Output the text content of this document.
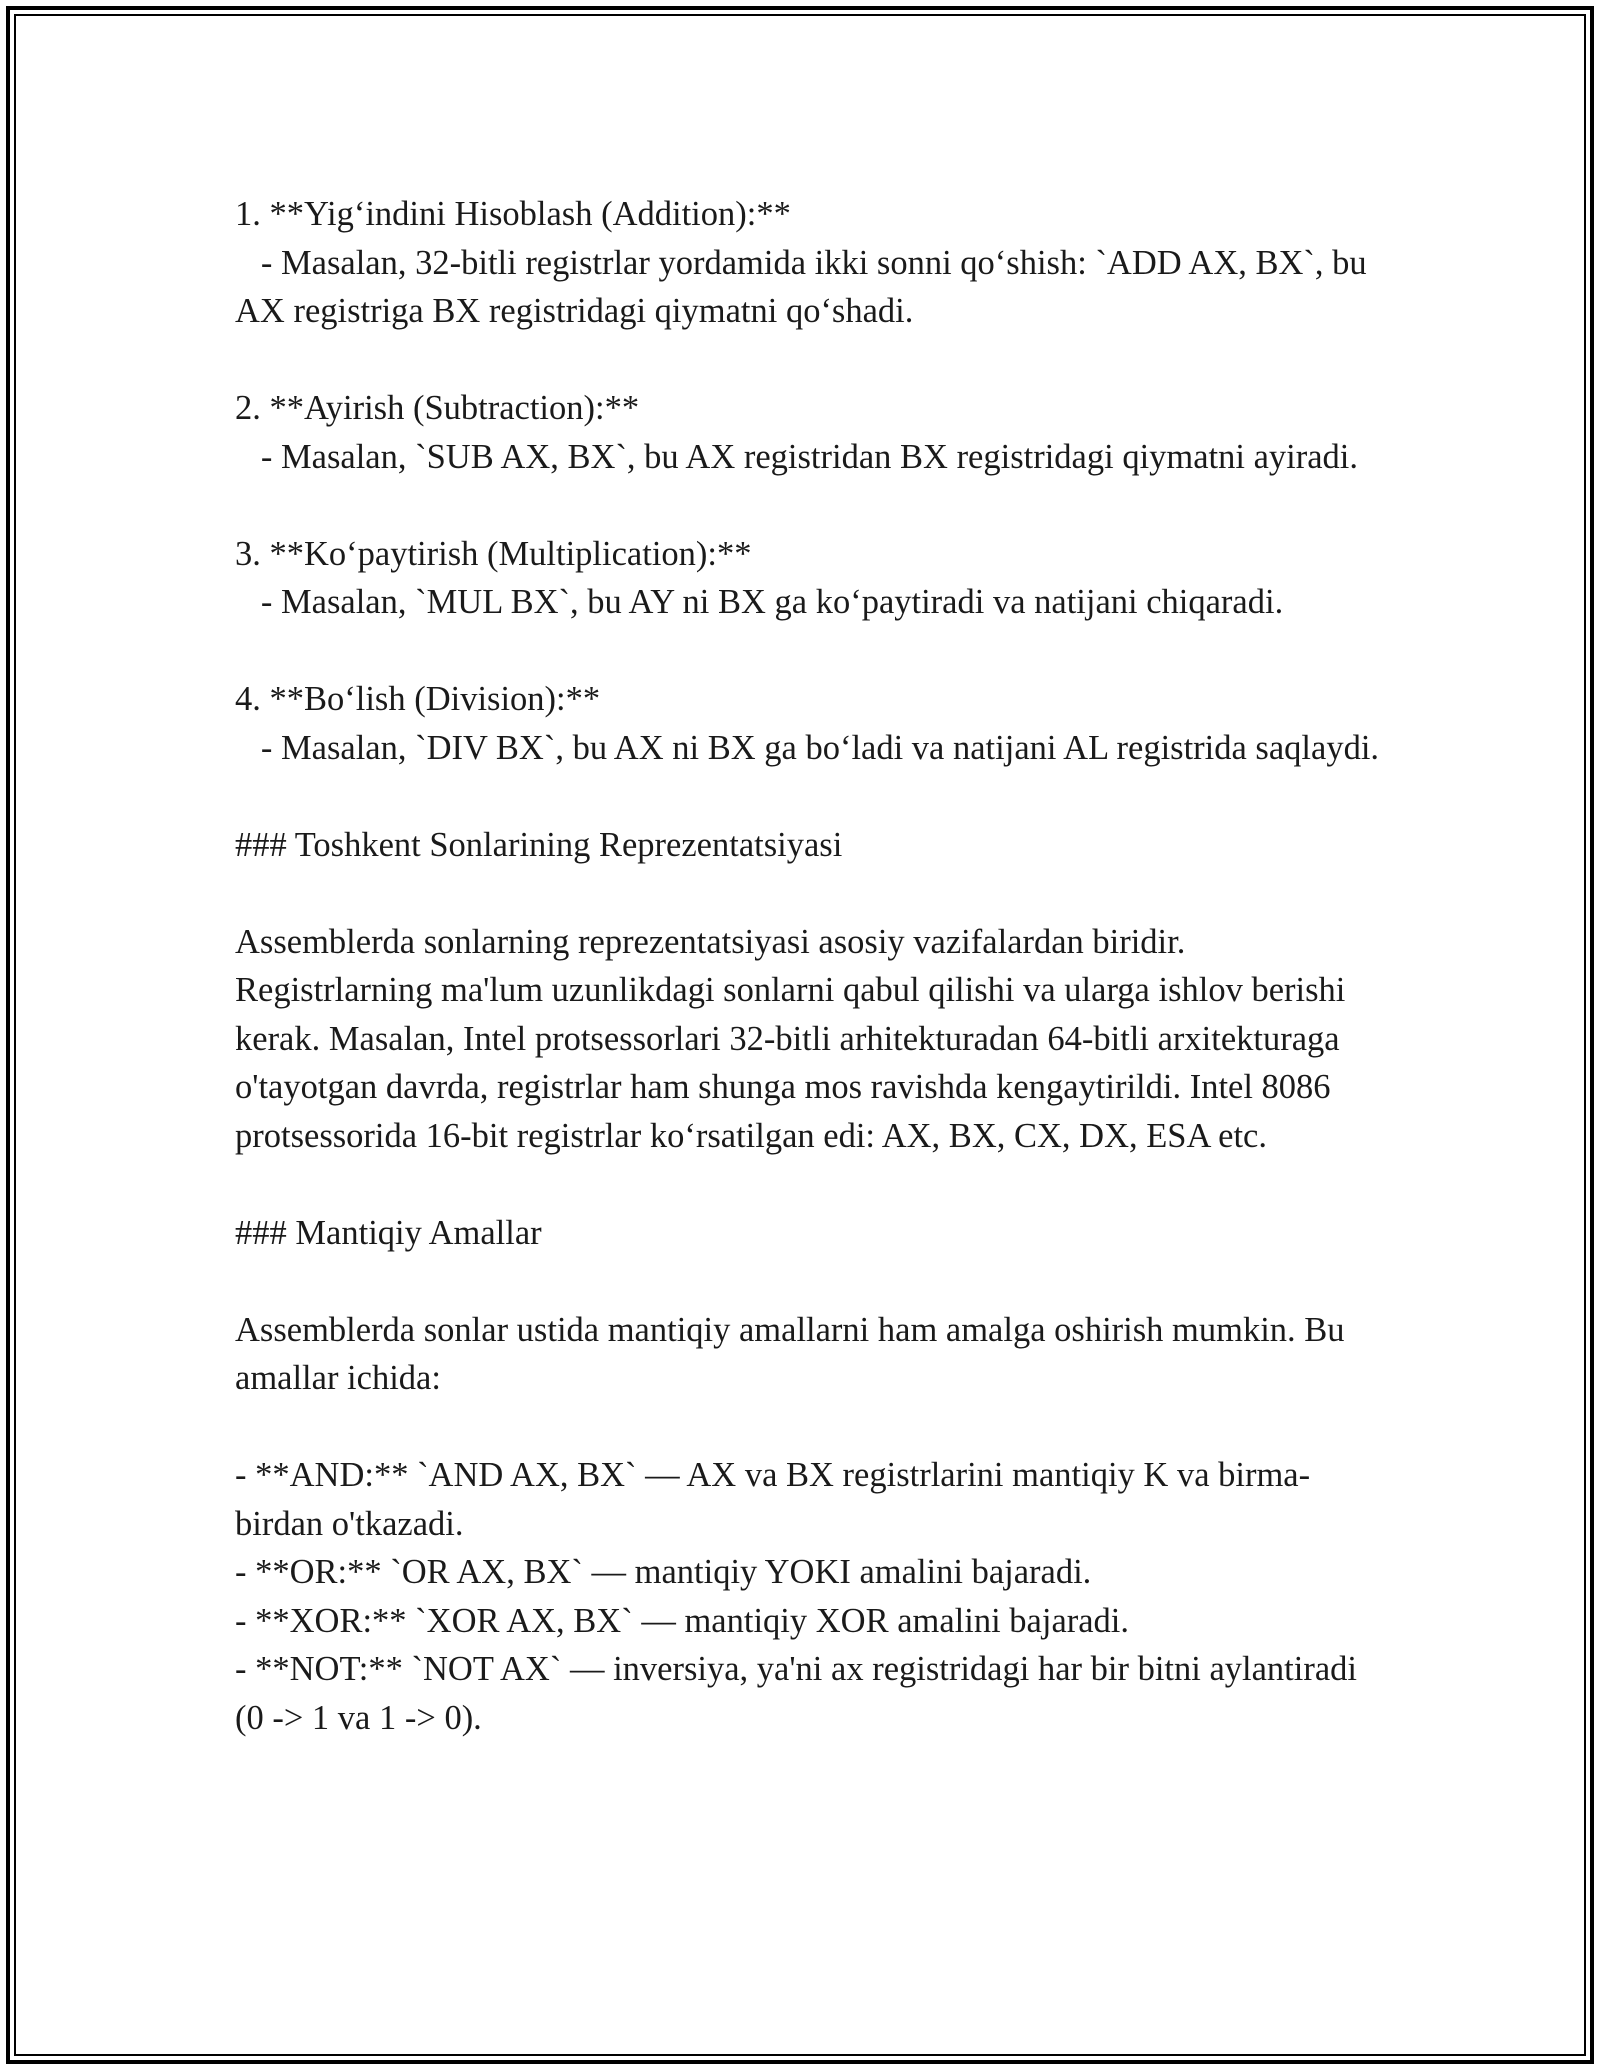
1. **Yig‘indini Hisoblash (Addition):**

- Masalan, 32-bitli registrlar yordamida ikki sonni qo‘shish: `ADD AX, BX`, bu AX registriga BX registridagi qiymatni qo‘shadi.

2. **Ayirish (Subtraction):**

- Masalan, `SUB AX, BX`, bu AX registridan BX registridagi qiymatni ayiradi.

3. **Ko‘paytirish (Multiplication):**

- Masalan, `MUL BX`, bu AY ni BX ga ko‘paytiradi va natijani chiqaradi.

4. **Bo‘lish (Division):**

- Masalan, `DIV BX`, bu AX ni BX ga bo‘ladi va natijani AL registrida saqlaydi.

### Toshkent Sonlarining Reprezentatsiyasi

Assemblerda sonlarning reprezentatsiyasi asosiy vazifalardan biridir. Registrlarning ma'lum uzunlikdagi sonlarni qabul qilishi va ularga ishlov berishi kerak. Masalan, Intel protsessorlari 32-bitli arhitekturadan 64-bitli arxitekturaga o'tayotgan davrda, registrlar ham shunga mos ravishda kengaytirildi. Intel 8086 protsessorida 16-bit registrlar ko‘rsatilgan edi: AX, BX, CX, DX, ESA etc.

### Mantiqiy Amallar

Assemblerda sonlar ustida mantiqiy amallarni ham amalga oshirish mumkin. Bu amallar ichida:

- **AND:** `AND AX, BX` — AX va BX registrlarini mantiqiy K va birma-birdan o'tkazadi.

- **OR:** `OR AX, BX` — mantiqiy YOKI amalini bajaradi.

- **XOR:** `XOR AX, BX` — mantiqiy XOR amalini bajaradi.

- **NOT:** `NOT AX` — inversiya, ya'ni ax registridagi har bir bitni aylantiradi (0 -> 1 va 1 -> 0).
